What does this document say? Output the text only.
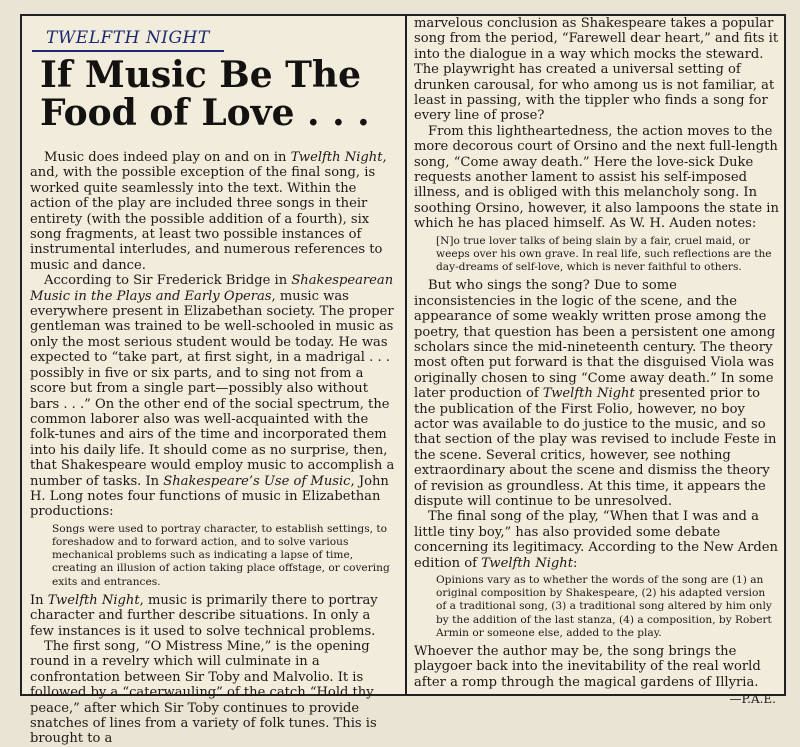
TWELFTH NIGHT
If Music Be The
Food of Love . . .

Music does indeed play on and on in Twelfth Night, and, with the possible exception of the final song, is worked quite seamlessly into the text. Within the action of the play are included three songs in their entirety (with the possible addition of a fourth), six song fragments, at least two possible instances of instrumental interludes, and numerous references to music and dance.

According to Sir Frederick Bridge in Shakespearean Music in the Plays and Early Operas, music was everywhere present in Elizabethan society. The proper gentleman was trained to be well-schooled in music as only the most serious student would be today. He was expected to “take part, at first sight, in a madrigal . . . possibly in five or six parts, and to sing not from a score but from a single part—possibly also without bars . . .” On the other end of the social spectrum, the common laborer also was well-acquainted with the folk-tunes and airs of the time and incorporated them into his daily life. It should come as no surprise, then, that Shakespeare would employ music to accomplish a number of tasks. In Shakespeare’s Use of Music, John H. Long notes four functions of music in Elizabethan productions:

Songs were used to portray character, to establish settings, to foreshadow and to forward action, and to solve various mechanical problems such as indicating a lapse of time, creating an illusion of action taking place offstage, or covering exits and entrances.

In Twelfth Night, music is primarily there to portray character and further describe situations. In only a few instances is it used to solve technical problems.

The first song, “O Mistress Mine,” is the opening round in a revelry which will culminate in a confrontation between Sir Toby and Malvolio. It is followed by a “caterwauling” of the catch “Hold thy peace,” after which Sir Toby continues to provide snatches of lines from a variety of folk tunes. This is brought to a

marvelous conclusion as Shakespeare takes a popular song from the period, “Farewell dear heart,” and fits it into the dialogue in a way which mocks the steward. The playwright has created a universal setting of drunken carousal, for who among us is not familiar, at least in passing, with the tippler who finds a song for every line of prose?

From this lightheartedness, the action moves to the more decorous court of Orsino and the next full-length song, “Come away death.” Here the love-sick Duke requests another lament to assist his self-imposed illness, and is obliged with this melancholy song. In soothing Orsino, however, it also lampoons the state in which he has placed himself. As W. H. Auden notes:

[N]o true lover talks of being slain by a fair, cruel maid, or weeps over his own grave. In real life, such reflections are the day-dreams of self-love, which is never faithful to others.

But who sings the song? Due to some inconsistencies in the logic of the scene, and the appearance of some weakly written prose among the poetry, that question has been a persistent one among scholars since the mid-nineteenth century. The theory most often put forward is that the disguised Viola was originally chosen to sing “Come away death.” In some later production of Twelfth Night presented prior to the publication of the First Folio, however, no boy actor was available to do justice to the music, and so that section of the play was revised to include Feste in the scene. Several critics, however, see nothing extraordinary about the scene and dismiss the theory of revision as groundless. At this time, it appears the dispute will continue to be unresolved.

The final song of the play, “When that I was and a little tiny boy,” has also provided some debate concerning its legitimacy. According to the New Arden edition of Twelfth Night:

Opinions vary as to whether the words of the song are (1) an original composition by Shakespeare, (2) his adapted version of a traditional song, (3) a traditional song altered by him only by the addition of the last stanza, (4) a composition, by Robert Armin or someone else, added to the play.

Whoever the author may be, the song brings the playgoer back into the inevitability of the real world after a romp through the magical gardens of Illyria.

—P.A.E.
